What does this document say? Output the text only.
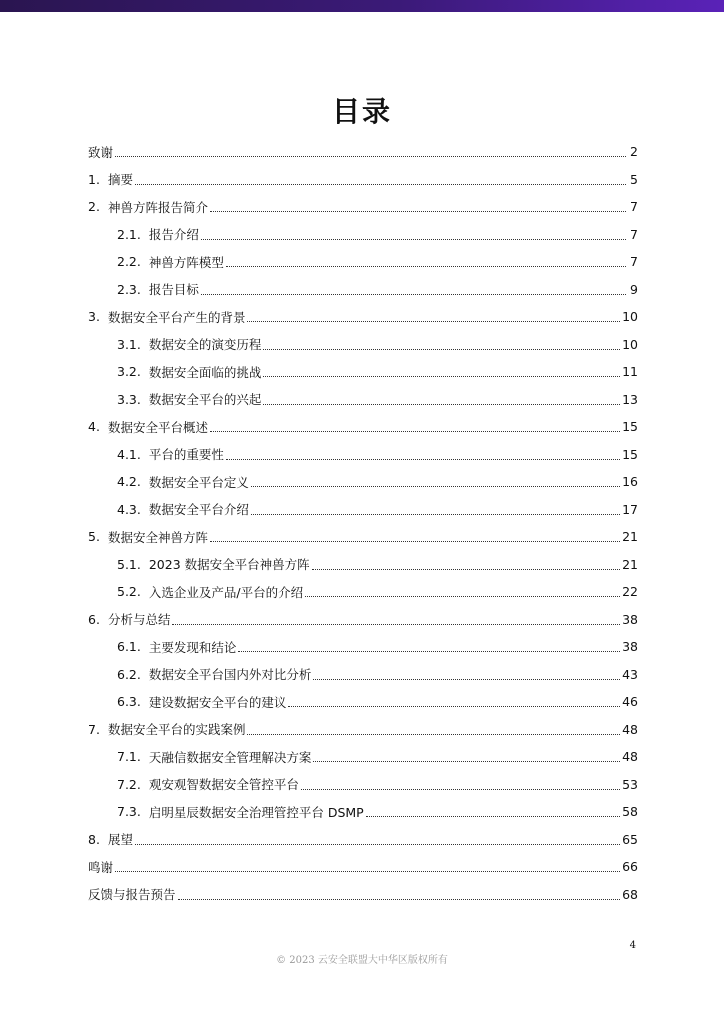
目录
致谢	2
1. 摘要	5
2. 神兽方阵报告简介	7
2.1. 报告介绍	7
2.2. 神兽方阵模型	7
2.3. 报告目标	9
3. 数据安全平台产生的背景	10
3.1. 数据安全的演变历程	10
3.2. 数据安全面临的挑战	11
3.3. 数据安全平台的兴起	13
4. 数据安全平台概述	15
4.1. 平台的重要性	15
4.2. 数据安全平台定义	16
4.3. 数据安全平台介绍	17
5. 数据安全神兽方阵	21
5.1. 2023 数据安全平台神兽方阵	21
5.2. 入选企业及产品/平台的介绍	22
6. 分析与总结	38
6.1. 主要发现和结论	38
6.2. 数据安全平台国内外对比分析	43
6.3. 建设数据安全平台的建议	46
7. 数据安全平台的实践案例	48
7.1. 天融信数据安全管理解决方案	48
7.2. 观安观智数据安全管控平台	53
7.3. 启明星辰数据安全治理管控平台 DSMP	58
8. 展望	65
鸣谢	66
反馈与报告预告	68
4
© 2023 云安全联盟大中华区版权所有
